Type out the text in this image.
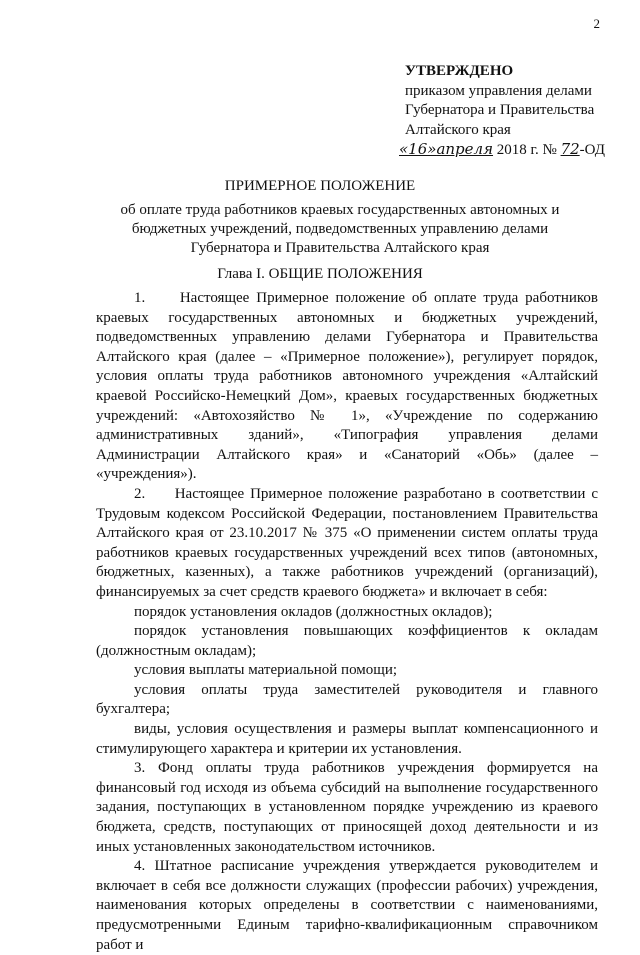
2
УТВЕРЖДЕНО
приказом управления делами
Губернатора и Правительства
Алтайского края
«16»апреля 2018 г. № 72-ОД
ПРИМЕРНОЕ ПОЛОЖЕНИЕ
об оплате труда работников краевых государственных автономных и бюджетных учреждений, подведомственных управлению делами Губернатора и Правительства Алтайского края
Глава I. ОБЩИЕ ПОЛОЖЕНИЯ

1.     Настоящее Примерное положение об оплате труда работников краевых государственных автономных и бюджетных учреждений, подведомственных управлению делами Губернатора и Правительства Алтайского края (далее – «Примерное положение»), регулирует порядок, условия оплаты труда работников автономного учреждения «Алтайский краевой Российско-Немецкий Дом», краевых государственных бюджетных учреждений: «Автохозяйство № 1», «Учреждение по содержанию административных зданий», «Типография управления делами Администрации Алтайского края» и «Санаторий «Обь» (далее – «учреждения»).

2.     Настоящее Примерное положение разработано в соответствии с Трудовым кодексом Российской Федерации, постановлением Правительства Алтайского края от 23.10.2017 № 375 «О применении систем оплаты труда работников краевых государственных учреждений всех типов (автономных, бюджетных, казенных), а также работников учреждений (организаций), финансируемых за счет средств краевого бюджета» и включает в себя:

порядок установления окладов (должностных окладов);

порядок установления повышающих коэффициентов к окладам (должностным окладам);

условия выплаты материальной помощи;

условия оплаты труда заместителей руководителя и главного бухгалтера;

виды, условия осуществления и размеры выплат компенсационного и стимулирующего характера и критерии их установления.

3. Фонд оплаты труда работников учреждения формируется на финансовый год исходя из объема субсидий на выполнение государственного задания, поступающих в установленном порядке учреждению из краевого бюджета, средств, поступающих от приносящей доход деятельности и из иных установленных законодательством источников.

4. Штатное расписание учреждения утверждается руководителем и включает в себя все должности служащих (профессии рабочих) учреждения, наименования которых определены в соответствии с наименованиями, предусмотренными Единым тарифно-квалификационным справочником работ и
